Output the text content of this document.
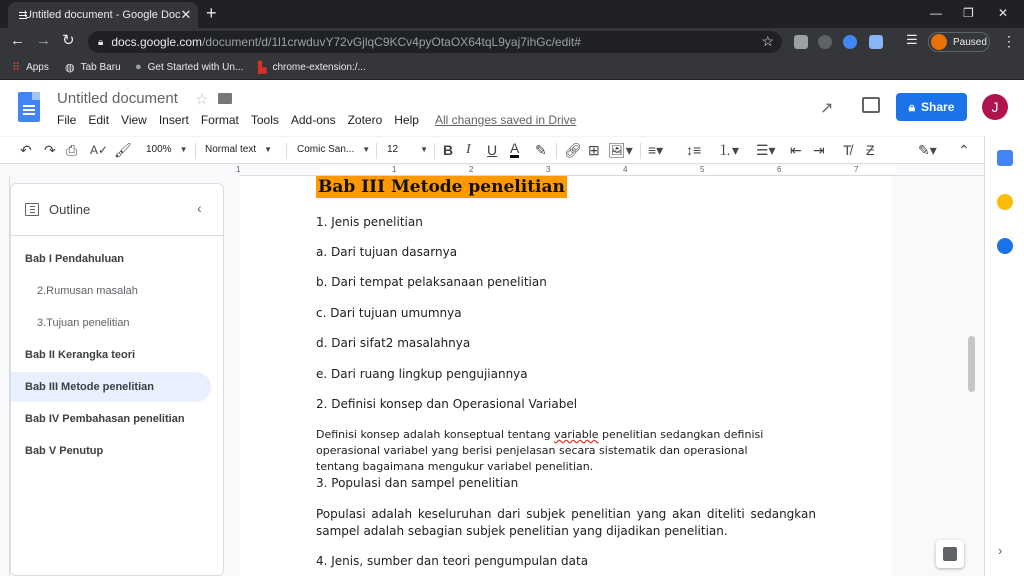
Untitled document - Google Doc ✕ +	— ❐ ✕
← → ↻ 🔒︎ docs.google.com /document/d/1l1crwduvY72vGjlqC9KCv4pyOtaOX64tqL9yaj7ihGc/edit#	☆	☰	Paused ⋮
⠿ Apps ◍ Tab Baru ● Get Started with Un... ▙ chrome-extension:/...
Untitled document ☆
File Edit View Insert Format Tools Add-ons Zotero Help All changes saved in Drive
↗	🔒︎ Share	J
↶ ↷ ⎙ A✓ 🖌︎ 100% ▼ Normal text ▼ Comic San... ▼ 12	▼ B I U A ✎ 🔗︎ ⊞ 🖼︎▾ ≡▾ ↕≡ ⒈▾ ☰▾ ⇤ ⇥ T̸ Ƶ	✎▾ ⌃
›
1	1	2	3	4	5	6	7
Outline	‹
Bab I Pendahuluan
2.Rumusan masalah
3.Tujuan penelitian
Bab II Kerangka teori
Bab III Metode penelitian
Bab IV Pembahasan penelitian
Bab V Penutup
Bab III Metode penelitian
1. Jenis penelitian
a. Dari tujuan dasarnya
b. Dari tempat pelaksanaan penelitian
c. Dari tujuan umumnya
d. Dari sifat2 masalahnya
e. Dari ruang lingkup pengujiannya
2. Definisi konsep dan Operasional Variabel
Definisi konsep adalah konseptual tentang variable penelitian sedangkan definisi operasional variabel yang berisi penjelasan secara sistematik dan operasional tentang bagaimana mengukur variabel penelitian.
3. Populasi dan sampel penelitian
Populasi adalah keseluruhan dari subjek penelitian yang akan diteliti sedangkan sampel adalah sebagian subjek penelitian yang dijadikan penelitian.
4. Jenis, sumber dan teori pengumpulan data
